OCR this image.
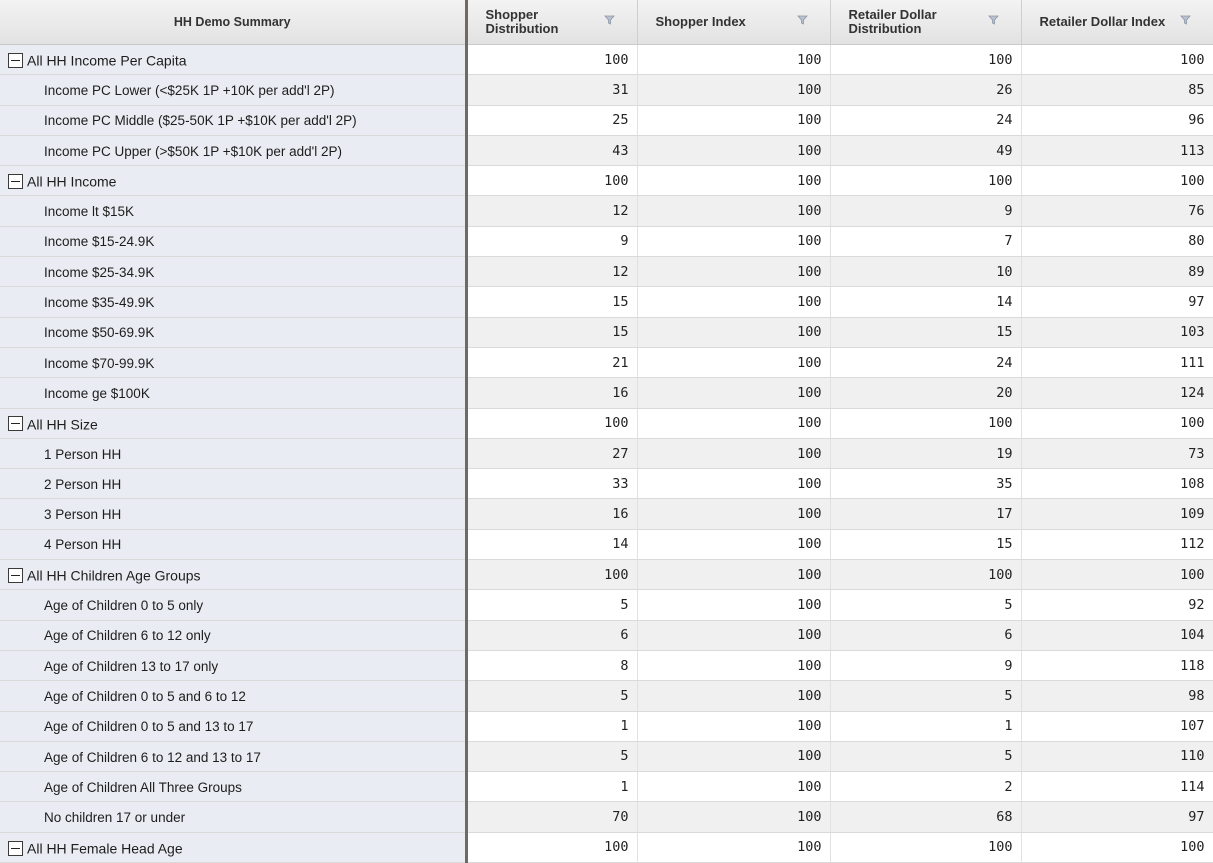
HH Demo Summary	Shopper Distribution	Shopper Index	Retailer Dollar Distribution	Retailer Dollar Index

All HH Income Per Capita	100	100	100	100
Income PC Lower (<$25K 1P +10K per add'l 2P)	31	100	26	85
Income PC Middle ($25-50K 1P +$10K per add'l 2P)	25	100	24	96
Income PC Upper (>$50K 1P +$10K per add'l 2P)	43	100	49	113
All HH Income	100	100	100	100
Income lt $15K	12	100	9	76
Income $15-24.9K	9	100	7	80
Income $25-34.9K	12	100	10	89
Income $35-49.9K	15	100	14	97
Income $50-69.9K	15	100	15	103
Income $70-99.9K	21	100	24	111
Income ge $100K	16	100	20	124
All HH Size	100	100	100	100
1 Person HH	27	100	19	73
2 Person HH	33	100	35	108
3 Person HH	16	100	17	109
4 Person HH	14	100	15	112
All HH Children Age Groups	100	100	100	100
Age of Children 0 to 5 only	5	100	5	92
Age of Children 6 to 12 only	6	100	6	104
Age of Children 13 to 17 only	8	100	9	118
Age of Children 0 to 5 and 6 to 12	5	100	5	98
Age of Children 0 to 5 and 13 to 17	1	100	1	107
Age of Children 6 to 12 and 13 to 17	5	100	5	110
Age of Children All Three Groups	1	100	2	114
No children 17 or under	70	100	68	97
All HH Female Head Age	100	100	100	100
